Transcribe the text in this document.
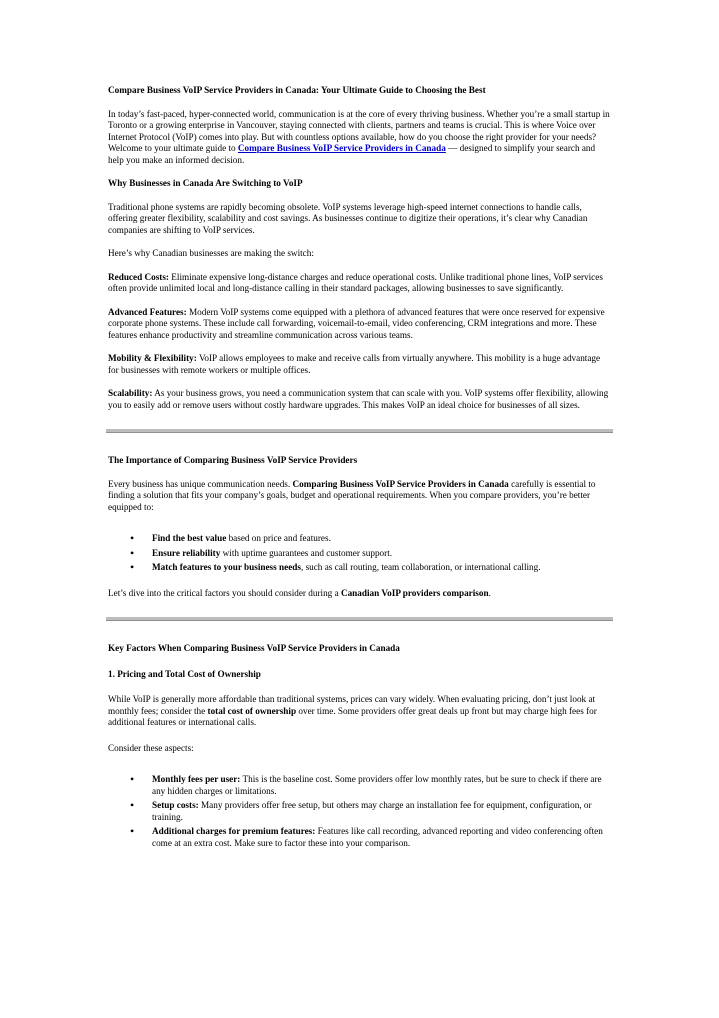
Compare Business VoIP Service Providers in Canada: Your Ultimate Guide to Choosing the Best

In today’s fast-paced, hyper-connected world, communication is at the core of every thriving business. Whether you’re a small startup in Toronto or a growing enterprise in Vancouver, staying connected with clients, partners and teams is crucial. This is where Voice over Internet Protocol (VoIP) comes into play. But with countless options available, how do you choose the right provider for your needs? Welcome to your ultimate guide to Compare Business VoIP Service Providers in Canada — designed to simplify your search and help you make an informed decision.

Why Businesses in Canada Are Switching to VoIP

Traditional phone systems are rapidly becoming obsolete. VoIP systems leverage high-speed internet connections to handle calls, offering greater flexibility, scalability and cost savings. As businesses continue to digitize their operations, it’s clear why Canadian companies are shifting to VoIP services.

Here’s why Canadian businesses are making the switch:

Reduced Costs: Eliminate expensive long-distance charges and reduce operational costs. Unlike traditional phone lines, VoIP services often provide unlimited local and long-distance calling in their standard packages, allowing businesses to save significantly.

Advanced Features: Modern VoIP systems come equipped with a plethora of advanced features that were once reserved for expensive corporate phone systems. These include call forwarding, voicemail-to-email, video conferencing, CRM integrations and more. These features enhance productivity and streamline communication across various teams.

Mobility & Flexibility: VoIP allows employees to make and receive calls from virtually anywhere. This mobility is a huge advantage for businesses with remote workers or multiple offices.

Scalability: As your business grows, you need a communication system that can scale with you. VoIP systems offer flexibility, allowing you to easily add or remove users without costly hardware upgrades. This makes VoIP an ideal choice for businesses of all sizes.

The Importance of Comparing Business VoIP Service Providers

Every business has unique communication needs. Comparing Business VoIP Service Providers in Canada carefully is essential to finding a solution that fits your company’s goals, budget and operational requirements. When you compare providers, you’re better equipped to:

• Find the best value based on price and features.
• Ensure reliability with uptime guarantees and customer support.
• Match features to your business needs, such as call routing, team collaboration, or international calling.

Let’s dive into the critical factors you should consider during a Canadian VoIP providers comparison.

Key Factors When Comparing Business VoIP Service Providers in Canada

1. Pricing and Total Cost of Ownership

While VoIP is generally more affordable than traditional systems, prices can vary widely. When evaluating pricing, don’t just look at monthly fees; consider the total cost of ownership over time. Some providers offer great deals up front but may charge high fees for additional features or international calls.

Consider these aspects:

• Monthly fees per user: This is the baseline cost. Some providers offer low monthly rates, but be sure to check if there are any hidden charges or limitations.
• Setup costs: Many providers offer free setup, but others may charge an installation fee for equipment, configuration, or training.
• Additional charges for premium features: Features like call recording, advanced reporting and video conferencing often come at an extra cost. Make sure to factor these into your comparison.
